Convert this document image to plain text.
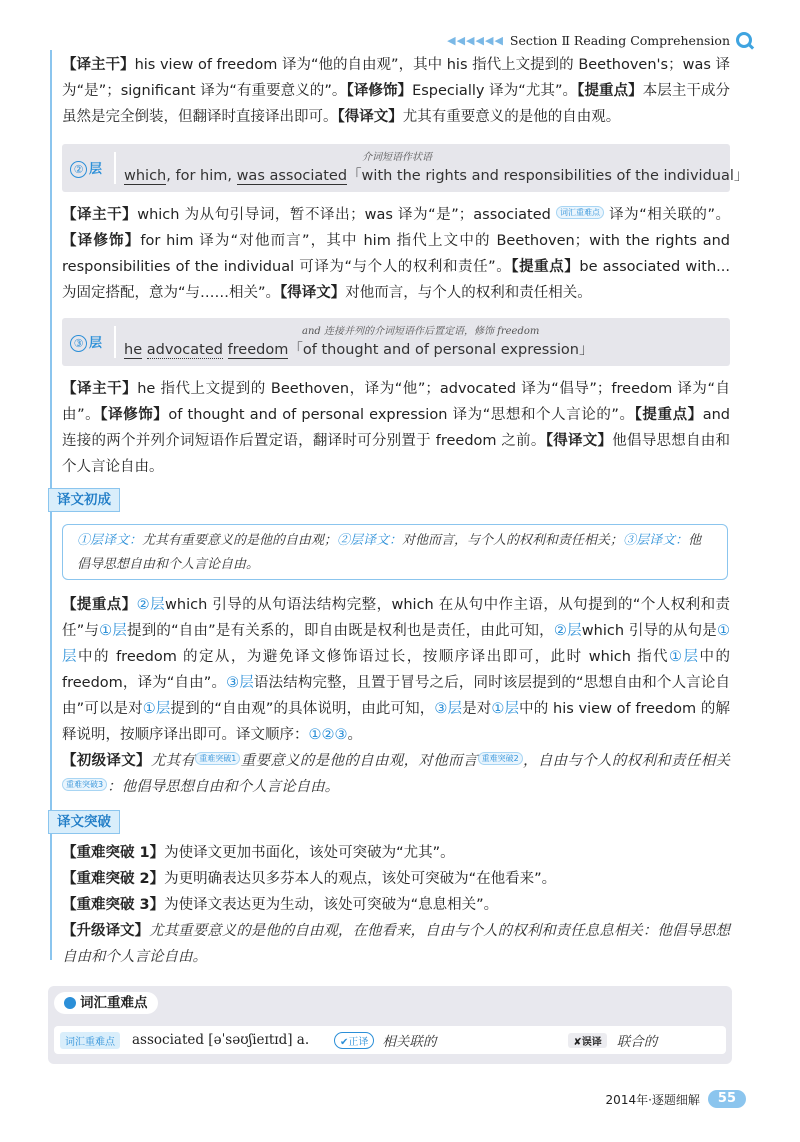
◀◀◀◀◀◀ Section Ⅱ Reading Comprehension
【译主干】his view of freedom 译为“他的自由观”，其中 his 指代上文提到的 Beethoven's；was 译为“是”；significant 译为“有重要意义的”。【译修饰】Especially 译为“尤其”。【提重点】本层主干成分虽然是完全倒装，但翻译时直接译出即可。【得译文】尤其有重要意义的是他的自由观。
② 层
介词短语作状语
which, for him, was associated「with the rights and responsibilities of the individual」
【译主干】which 为从句引导词，暂不译出；was 译为“是”；associated 词汇重难点 译为“相关联的”。【译修饰】for him 译为“对他而言”，其中 him 指代上文中的 Beethoven；with the rights and responsibilities of the individual 可译为“与个人的权利和责任”。【提重点】be associated with... 为固定搭配，意为“与……相关”。【得译文】对他而言，与个人的权利和责任相关。
③ 层
and 连接并列的介词短语作后置定语，修饰 freedom
he advocated freedom「of thought and of personal expression」
【译主干】he 指代上文提到的 Beethoven，译为“他”；advocated 译为“倡导”；freedom 译为“自由”。【译修饰】of thought and of personal expression 译为“思想和个人言论的”。【提重点】and 连接的两个并列介词短语作后置定语，翻译时可分别置于 freedom 之前。【得译文】他倡导思想自由和个人言论自由。
译文初成
①层译文：尤其有重要意义的是他的自由观；②层译文：对他而言，与个人的权利和责任相关；③层译文：他倡导思想自由和个人言论自由。
【提重点】②层which 引导的从句语法结构完整，which 在从句中作主语，从句提到的“个人权利和责任”与①层提到的“自由”是有关系的，即自由既是权利也是责任，由此可知，②层which 引导的从句是①层中的 freedom 的定从，为避免译文修饰语过长，按顺序译出即可，此时 which 指代①层中的 freedom，译为“自由”。③层语法结构完整，且置于冒号之后，同时该层提到的“思想自由和个人言论自由”可以是对①层提到的“自由观”的具体说明，由此可知，③层是对①层中的 his view of freedom 的解释说明，按顺序译出即可。译文顺序：①②③。
【初级译文】尤其有 重难突破1 重要意义的是他的自由观，对他而言 重难突破2 ，自由与个人的权利和责任相关重难突破3 ：他倡导思想自由和个人言论自由。
译文突破
【重难突破 1】为使译文更加书面化，该处可突破为“尤其”。
【重难突破 2】为更明确表达贝多芬本人的观点，该处可突破为“在他看来”。
【重难突破 3】为使译文表达更为生动，该处可突破为“息息相关”。
【升级译文】尤其重要意义的是他的自由观，在他看来，自由与个人的权利和责任息息相关：他倡导思想自由和个人言论自由。
词汇重难点
词汇重难点	associated [əˈsəʊʃieɪtɪd] a.	✔正译	相关联的	✘误译	联合的
2014年·逐题细解	55
